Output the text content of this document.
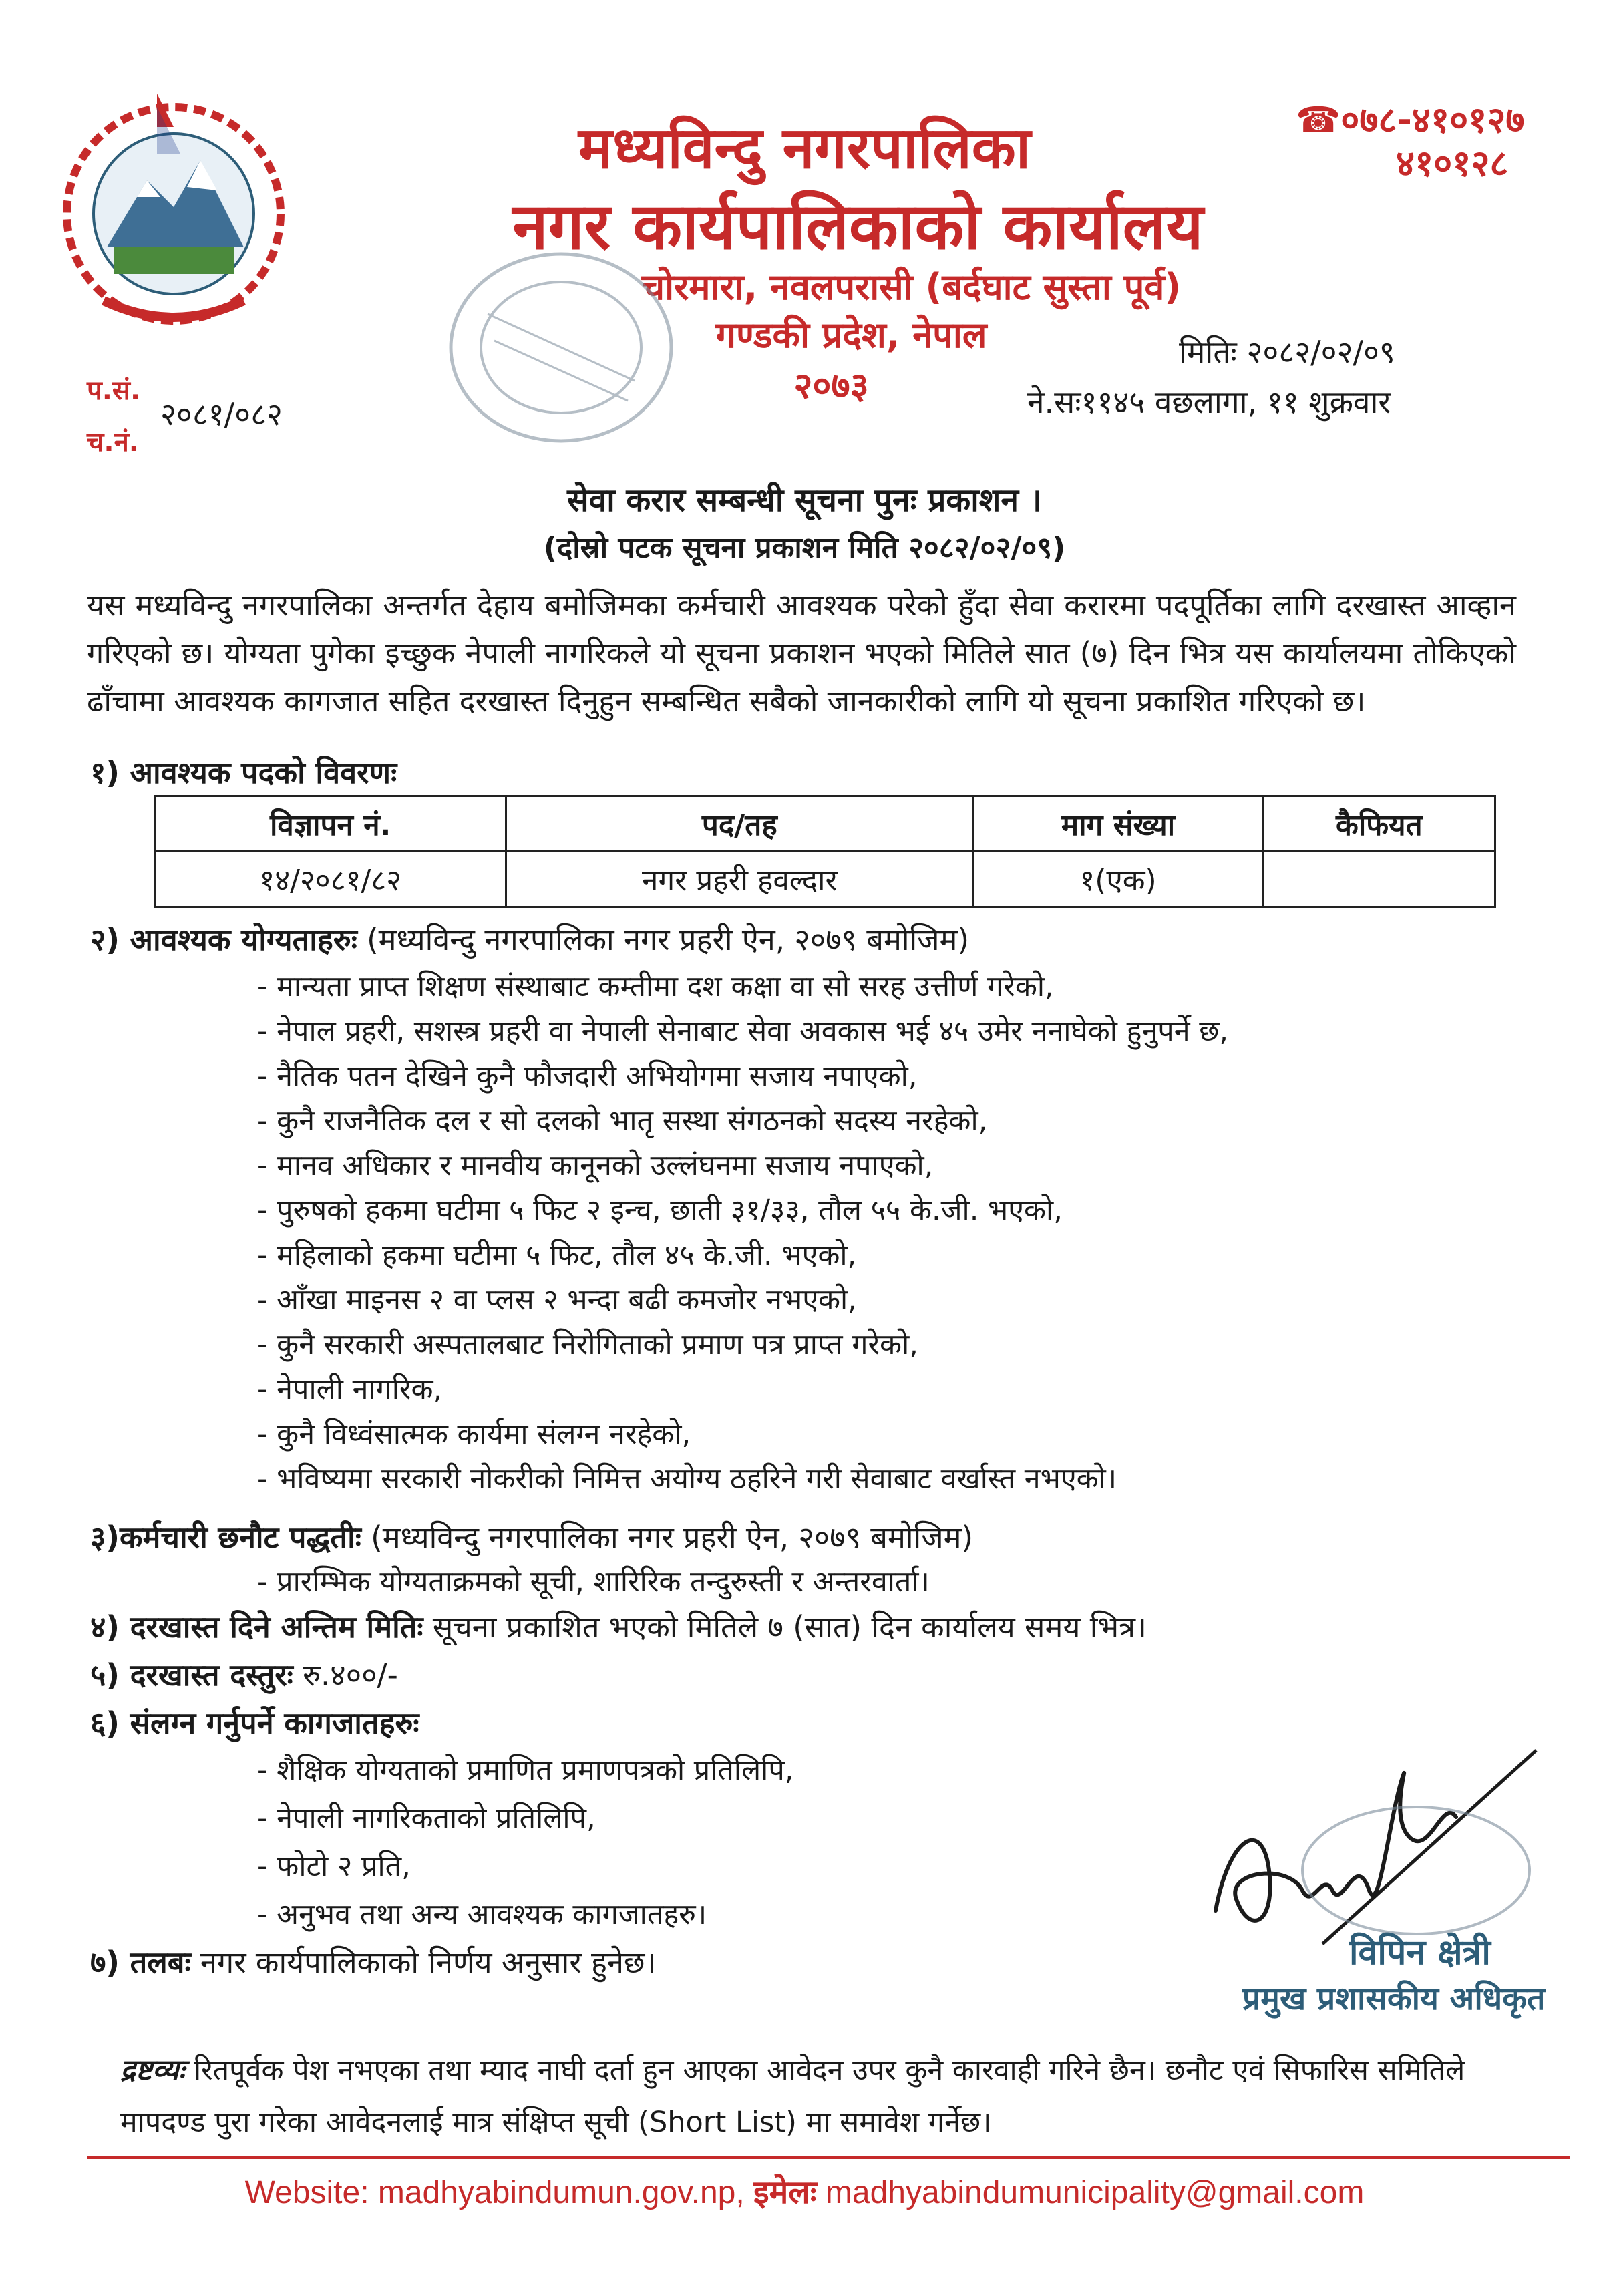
मध्यविन्दु नगरपालिका
नगर कार्यपालिकाको कार्यालय
चोरमारा, नवलपरासी (बर्दघाट सुस्ता पूर्व)
गण्डकी प्रदेश, नेपाल
२०७३
☎०७८-४१०१२७
४१०१२८
प.सं.
च.नं.
२०८१/०८२
मितिः २०८२/०२/०९
ने.सः११४५ वछलागा, ११ शुक्रवार
सेवा करार सम्बन्धी सूचना पुनः प्रकाशन ।
(दोस्रो पटक सूचना प्रकाशन मिति २०८२/०२/०९)
यस मध्यविन्दु नगरपालिका अन्तर्गत देहाय बमोजिमका कर्मचारी आवश्यक परेको हुँदा सेवा करारमा पदपूर्तिका लागि दरखास्त आव्हान गरिएको छ। योग्यता पुगेका इच्छुक नेपाली नागरिकले यो सूचना प्रकाशन भएको मितिले सात (७) दिन भित्र यस कार्यालयमा तोकिएको ढाँचामा आवश्यक कागजात सहित दरखास्त दिनुहुन सम्बन्धित सबैको जानकारीको लागि यो सूचना प्रकाशित गरिएको छ।
१) आवश्यक पदको विवरणः
विज्ञापन नं.	पद/तह	माग संख्या	कैफियत
१४/२०८१/८२	नगर प्रहरी हवल्दार	१(एक)	
२) आवश्यक योग्यताहरुः (मध्यविन्दु नगरपालिका नगर प्रहरी ऐन, २०७९ बमोजिम)
- मान्यता प्राप्त शिक्षण संस्थाबाट कम्तीमा दश कक्षा वा सो सरह उत्तीर्ण गरेको,
- नेपाल प्रहरी, सशस्त्र प्रहरी वा नेपाली सेनाबाट सेवा अवकास भई ४५ उमेर ननाघेको हुनुपर्ने छ,
- नैतिक पतन देखिने कुनै फौजदारी अभियोगमा सजाय नपाएको,
- कुनै राजनैतिक दल र सो दलको भातृ सस्था संगठनको सदस्य नरहेको,
- मानव अधिकार र मानवीय कानूनको उल्लंघनमा सजाय नपाएको,
- पुरुषको हकमा घटीमा ५ फिट २ इन्च, छाती ३१/३३, तौल ५५ के.जी. भएको,
- महिलाको हकमा घटीमा ५ फिट, तौल ४५ के.जी. भएको,
- आँखा माइनस २ वा प्लस २ भन्दा बढी कमजोर नभएको,
- कुनै सरकारी अस्पतालबाट निरोगिताको प्रमाण पत्र प्राप्त गरेको,
- नेपाली नागरिक,
- कुनै विध्वंसात्मक कार्यमा संलग्न नरहेको,
- भविष्यमा सरकारी नोकरीको निमित्त अयोग्य ठहरिने गरी सेवाबाट वर्खास्त नभएको।
३)कर्मचारी छनौट पद्धतीः (मध्यविन्दु नगरपालिका नगर प्रहरी ऐन, २०७९ बमोजिम)
- प्रारम्भिक योग्यताक्रमको सूची, शारिरिक तन्दुरुस्ती र अन्तरवार्ता।
४) दरखास्त दिने अन्तिम मितिः सूचना प्रकाशित भएको मितिले ७ (सात) दिन कार्यालय समय भित्र।
५) दरखास्त दस्तुरः रु.४००/-
६) संलग्न गर्नुपर्ने कागजातहरुः
- शैक्षिक योग्यताको प्रमाणित प्रमाणपत्रको प्रतिलिपि,
- नेपाली नागरिकताको प्रतिलिपि,
- फोटो २ प्रति,
- अनुभव तथा अन्य आवश्यक कागजातहरु।
७) तलबः नगर कार्यपालिकाको निर्णय अनुसार हुनेछ।	विपिन क्षेत्री
प्रमुख प्रशासकीय अधिकृत
द्रष्टव्यः रितपूर्वक पेश नभएका तथा म्याद नाघी दर्ता हुन आएका आवेदन उपर कुनै कारवाही गरिने छैन। छनौट एवं सिफारिस समितिले मापदण्ड पुरा गरेका आवेदनलाई मात्र संक्षिप्त सूची (Short List) मा समावेश गर्नेछ।
Website: madhyabindumun.gov.np, इमेलः madhyabindumunicipality@gmail.com
